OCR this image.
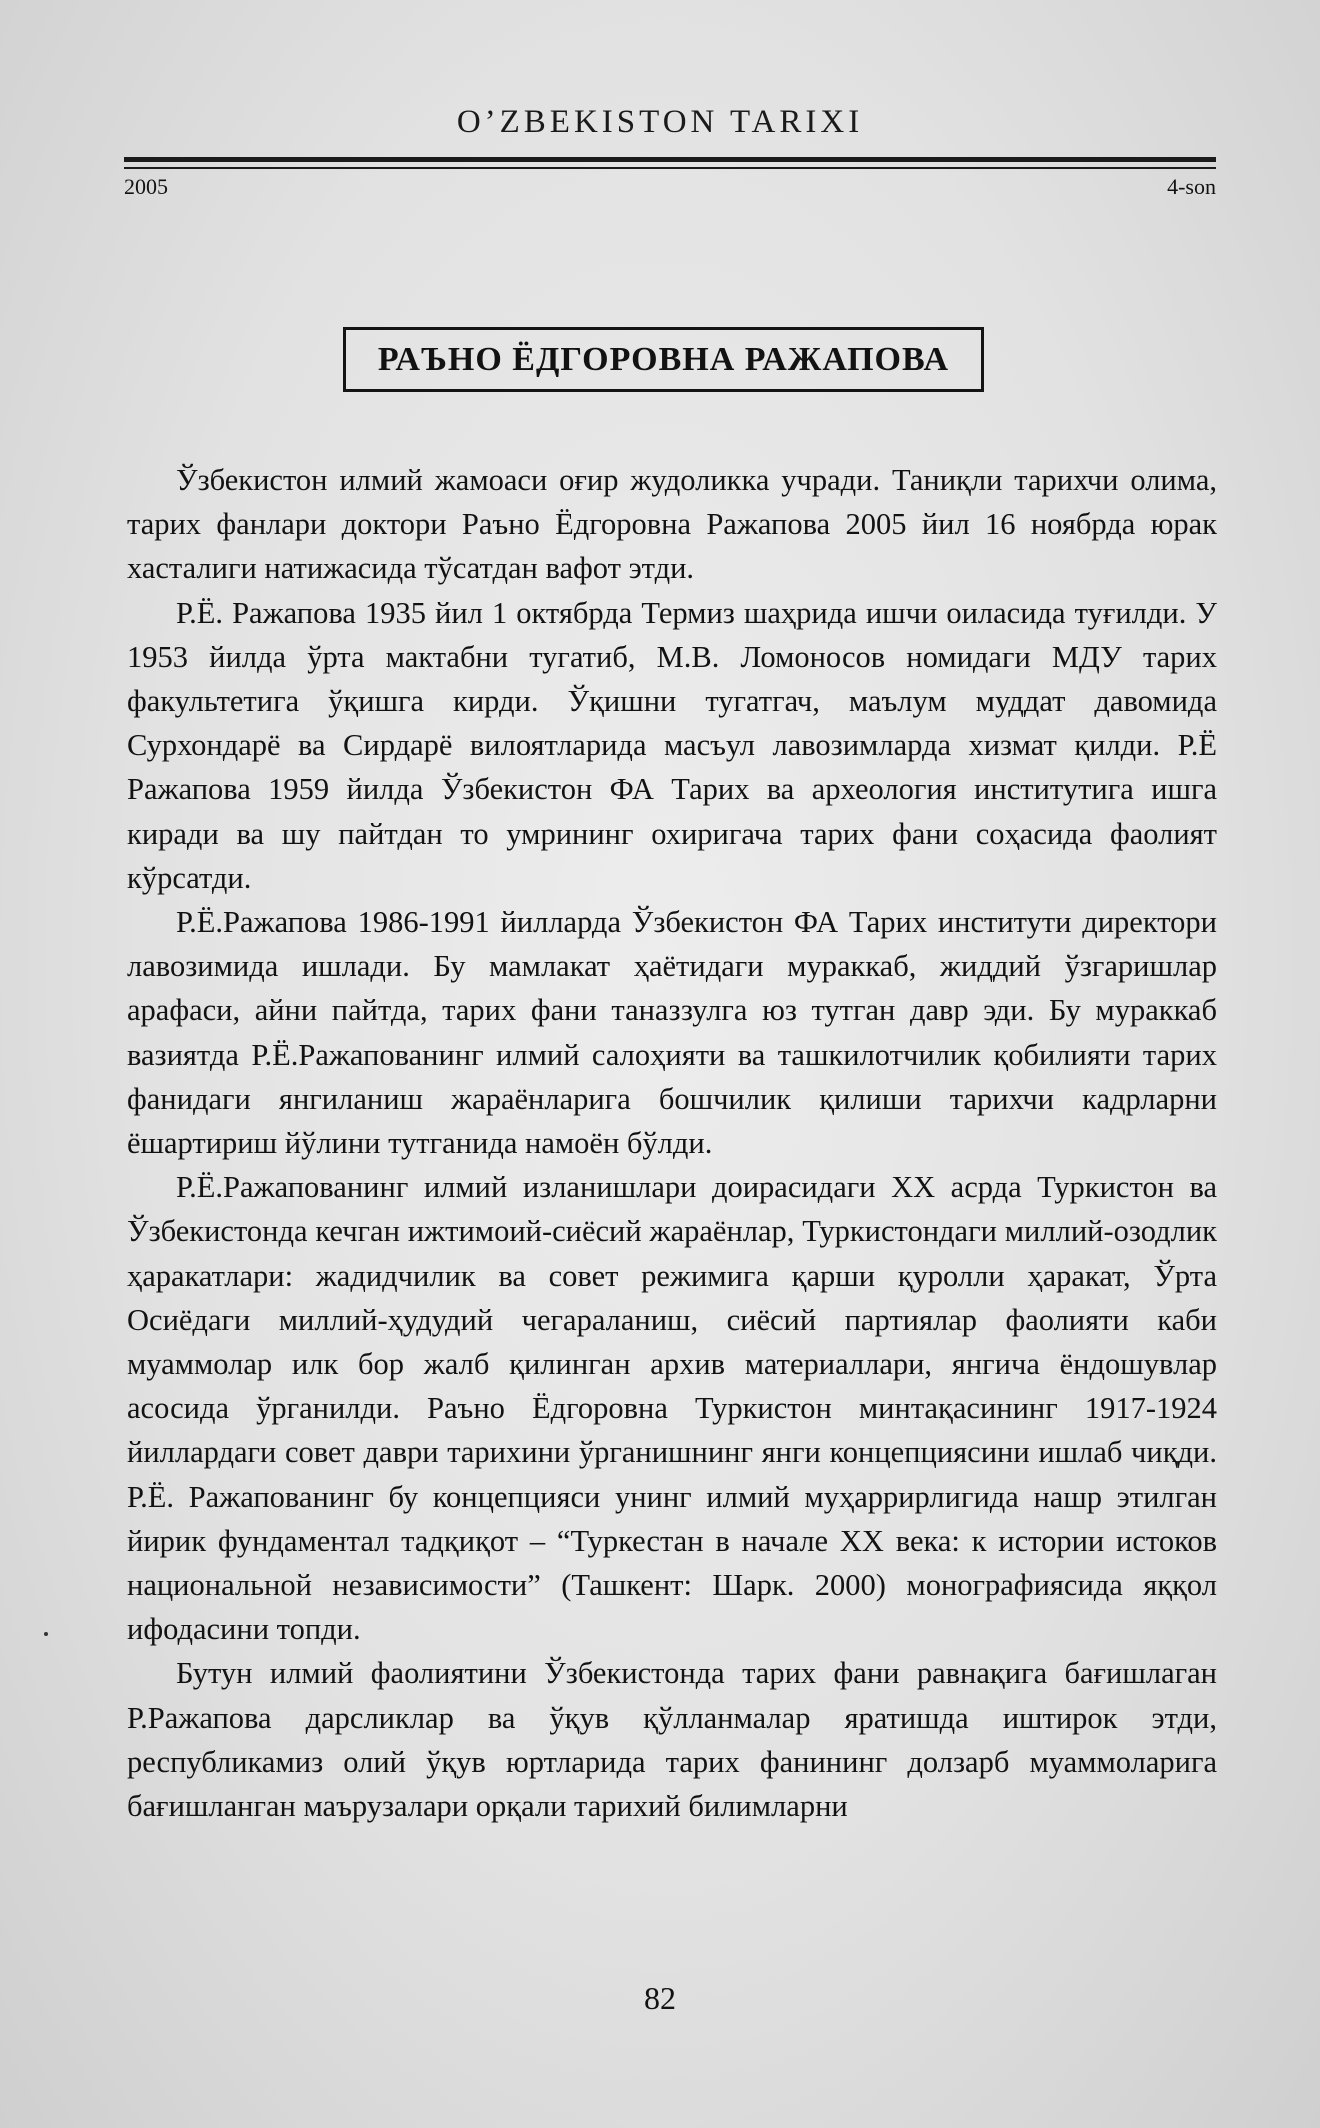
O’ZBEKISTON TARIXI
2005	4-son
РАЪНО ЁДГОРОВНА РАЖАПОВА

Ўзбекистон илмий жамоаси оғир жудоликка учради. Таниқли тарихчи олима, тарих фанлари доктори Раъно Ёдгоровна Ражапова 2005 йил 16 ноябрда юрак хасталиги натижасида тўсатдан вафот этди.

Р.Ё. Ражапова 1935 йил 1 октябрда Термиз шаҳрида ишчи оиласида туғилди. У 1953 йилда ўрта мактабни тугатиб, М.В. Ломоносов номидаги МДУ тарих факультетига ўқишга кирди. Ўқишни тугатгач, маълум муддат давомида Сурхондарё ва Сирдарё вилоятларида масъул лавозимларда хизмат қилди. Р.Ё Ражапова 1959 йилда Ўзбекистон ФА Тарих ва археология институтига ишга киради ва шу пайтдан то умрининг охиригача тарих фани соҳасида фаолият кўрсатди.

Р.Ё.Ражапова 1986-1991 йилларда Ўзбекистон ФА Тарих институти директори лавозимида ишлади. Бу мамлакат ҳаётидаги мураккаб, жиддий ўзгаришлар арафаси, айни пайтда, тарих фани таназзулга юз тутган давр эди. Бу мураккаб вазиятда Р.Ё.Ражапованинг илмий салоҳияти ва ташкилотчилик қобилияти тарих фанидаги янгиланиш жараёнларига бошчилик қилиши тарихчи кадрларни ёшартириш йўлини тутганида намоён бўлди.

Р.Ё.Ражапованинг илмий изланишлари доирасидаги XX асрда Туркистон ва Ўзбекистонда кечган ижтимоий-сиёсий жараёнлар, Туркистондаги миллий-озодлик ҳаракатлари: жадидчилик ва совет режимига қарши қуролли ҳаракат, Ўрта Осиёдаги миллий-ҳудудий чегараланиш, сиёсий партиялар фаолияти каби муаммолар илк бор жалб қилинган архив материаллари, янгича ёндошувлар асосида ўрганилди. Раъно Ёдгоровна Туркистон минтақасининг 1917-1924 йиллардаги совет даври тарихини ўрганишнинг янги концепциясини ишлаб чиқди. Р.Ё. Ражапованинг бу концепцияси унинг илмий муҳаррирлигида нашр этилган йирик фундаментал тадқиқот – “Туркестан в начале XX века: к истории истоков национальной независимости” (Ташкент: Шарк. 2000) монографиясида яққол ифодасини топди.

Бутун илмий фаолиятини Ўзбекистонда тарих фани равнақига бағишлаган Р.Ражапова дарсликлар ва ўқув қўлланмалар яратишда иштирок этди, республикамиз олий ўқув юртларида тарих фанининг долзарб муаммоларига бағишланган маърузалари орқали тарихий билимларни

82
